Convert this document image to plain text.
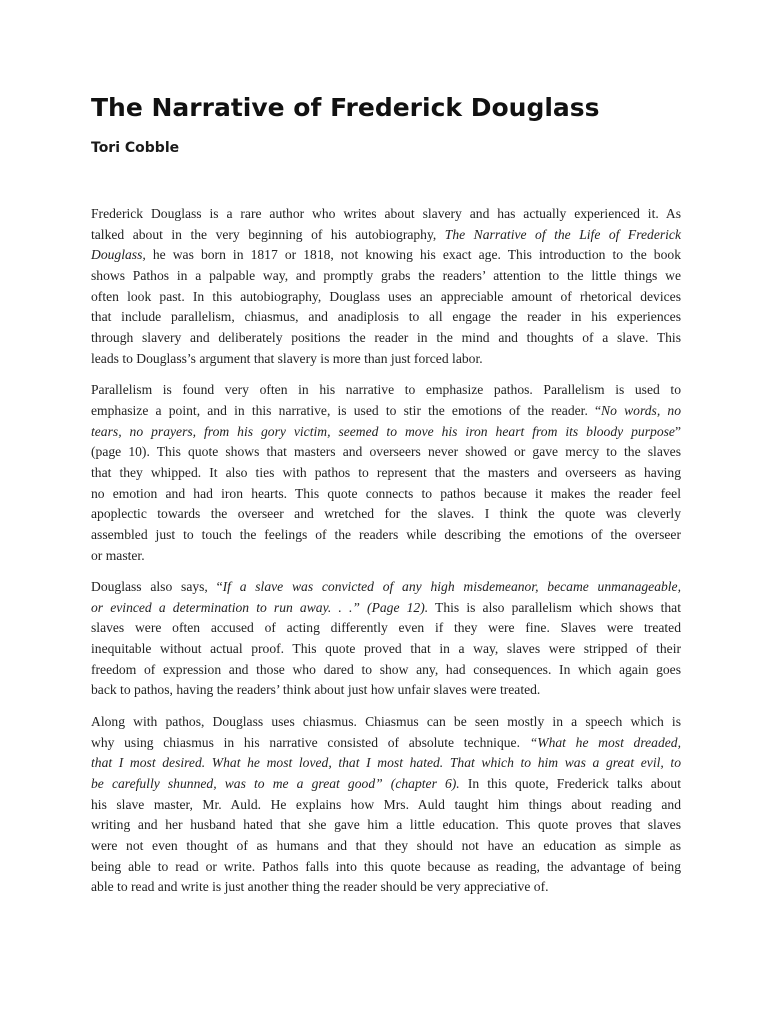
The Narrative of Frederick Douglass
Tori Cobble

Frederick Douglass is a rare author who writes about slavery and has actually experienced it. As
talked about in the very beginning of his autobiography, The Narrative of the Life of Frederick
Douglass, he was born in 1817 or 1818, not knowing his exact age. This introduction to the book
shows Pathos in a palpable way, and promptly grabs the readers’ attention to the little things we
often look past. In this autobiography, Douglass uses an appreciable amount of rhetorical devices
that include parallelism, chiasmus, and anadiplosis to all engage the reader in his experiences
through slavery and deliberately positions the reader in the mind and thoughts of a slave. This
leads to Douglass’s argument that slavery is more than just forced labor.

Parallelism is found very often in his narrative to emphasize pathos. Parallelism is used to
emphasize a point, and in this narrative, is used to stir the emotions of the reader. “No words, no
tears, no prayers, from his gory victim, seemed to move his iron heart from its bloody purpose”
(page 10). This quote shows that masters and overseers never showed or gave mercy to the slaves
that they whipped. It also ties with pathos to represent that the masters and overseers as having
no emotion and had iron hearts. This quote connects to pathos because it makes the reader feel
apoplectic towards the overseer and wretched for the slaves. I think the quote was cleverly
assembled just to touch the feelings of the readers while describing the emotions of the overseer
or master.

Douglass also says, “If a slave was convicted of any high misdemeanor, became unmanageable,
or evinced a determination to run away. . .” (Page 12). This is also parallelism which shows that
slaves were often accused of acting differently even if they were fine. Slaves were treated
inequitable without actual proof. This quote proved that in a way, slaves were stripped of their
freedom of expression and those who dared to show any, had consequences. In which again goes
back to pathos, having the readers’ think about just how unfair slaves were treated.

Along with pathos, Douglass uses chiasmus. Chiasmus can be seen mostly in a speech which is
why using chiasmus in his narrative consisted of absolute technique. “What he most dreaded,
that I most desired. What he most loved, that I most hated. That which to him was a great evil, to
be carefully shunned, was to me a great good” (chapter 6). In this quote, Frederick talks about
his slave master, Mr. Auld. He explains how Mrs. Auld taught him things about reading and
writing and her husband hated that she gave him a little education. This quote proves that slaves
were not even thought of as humans and that they should not have an education as simple as
being able to read or write. Pathos falls into this quote because as reading, the advantage of being
able to read and write is just another thing the reader should be very appreciative of.
